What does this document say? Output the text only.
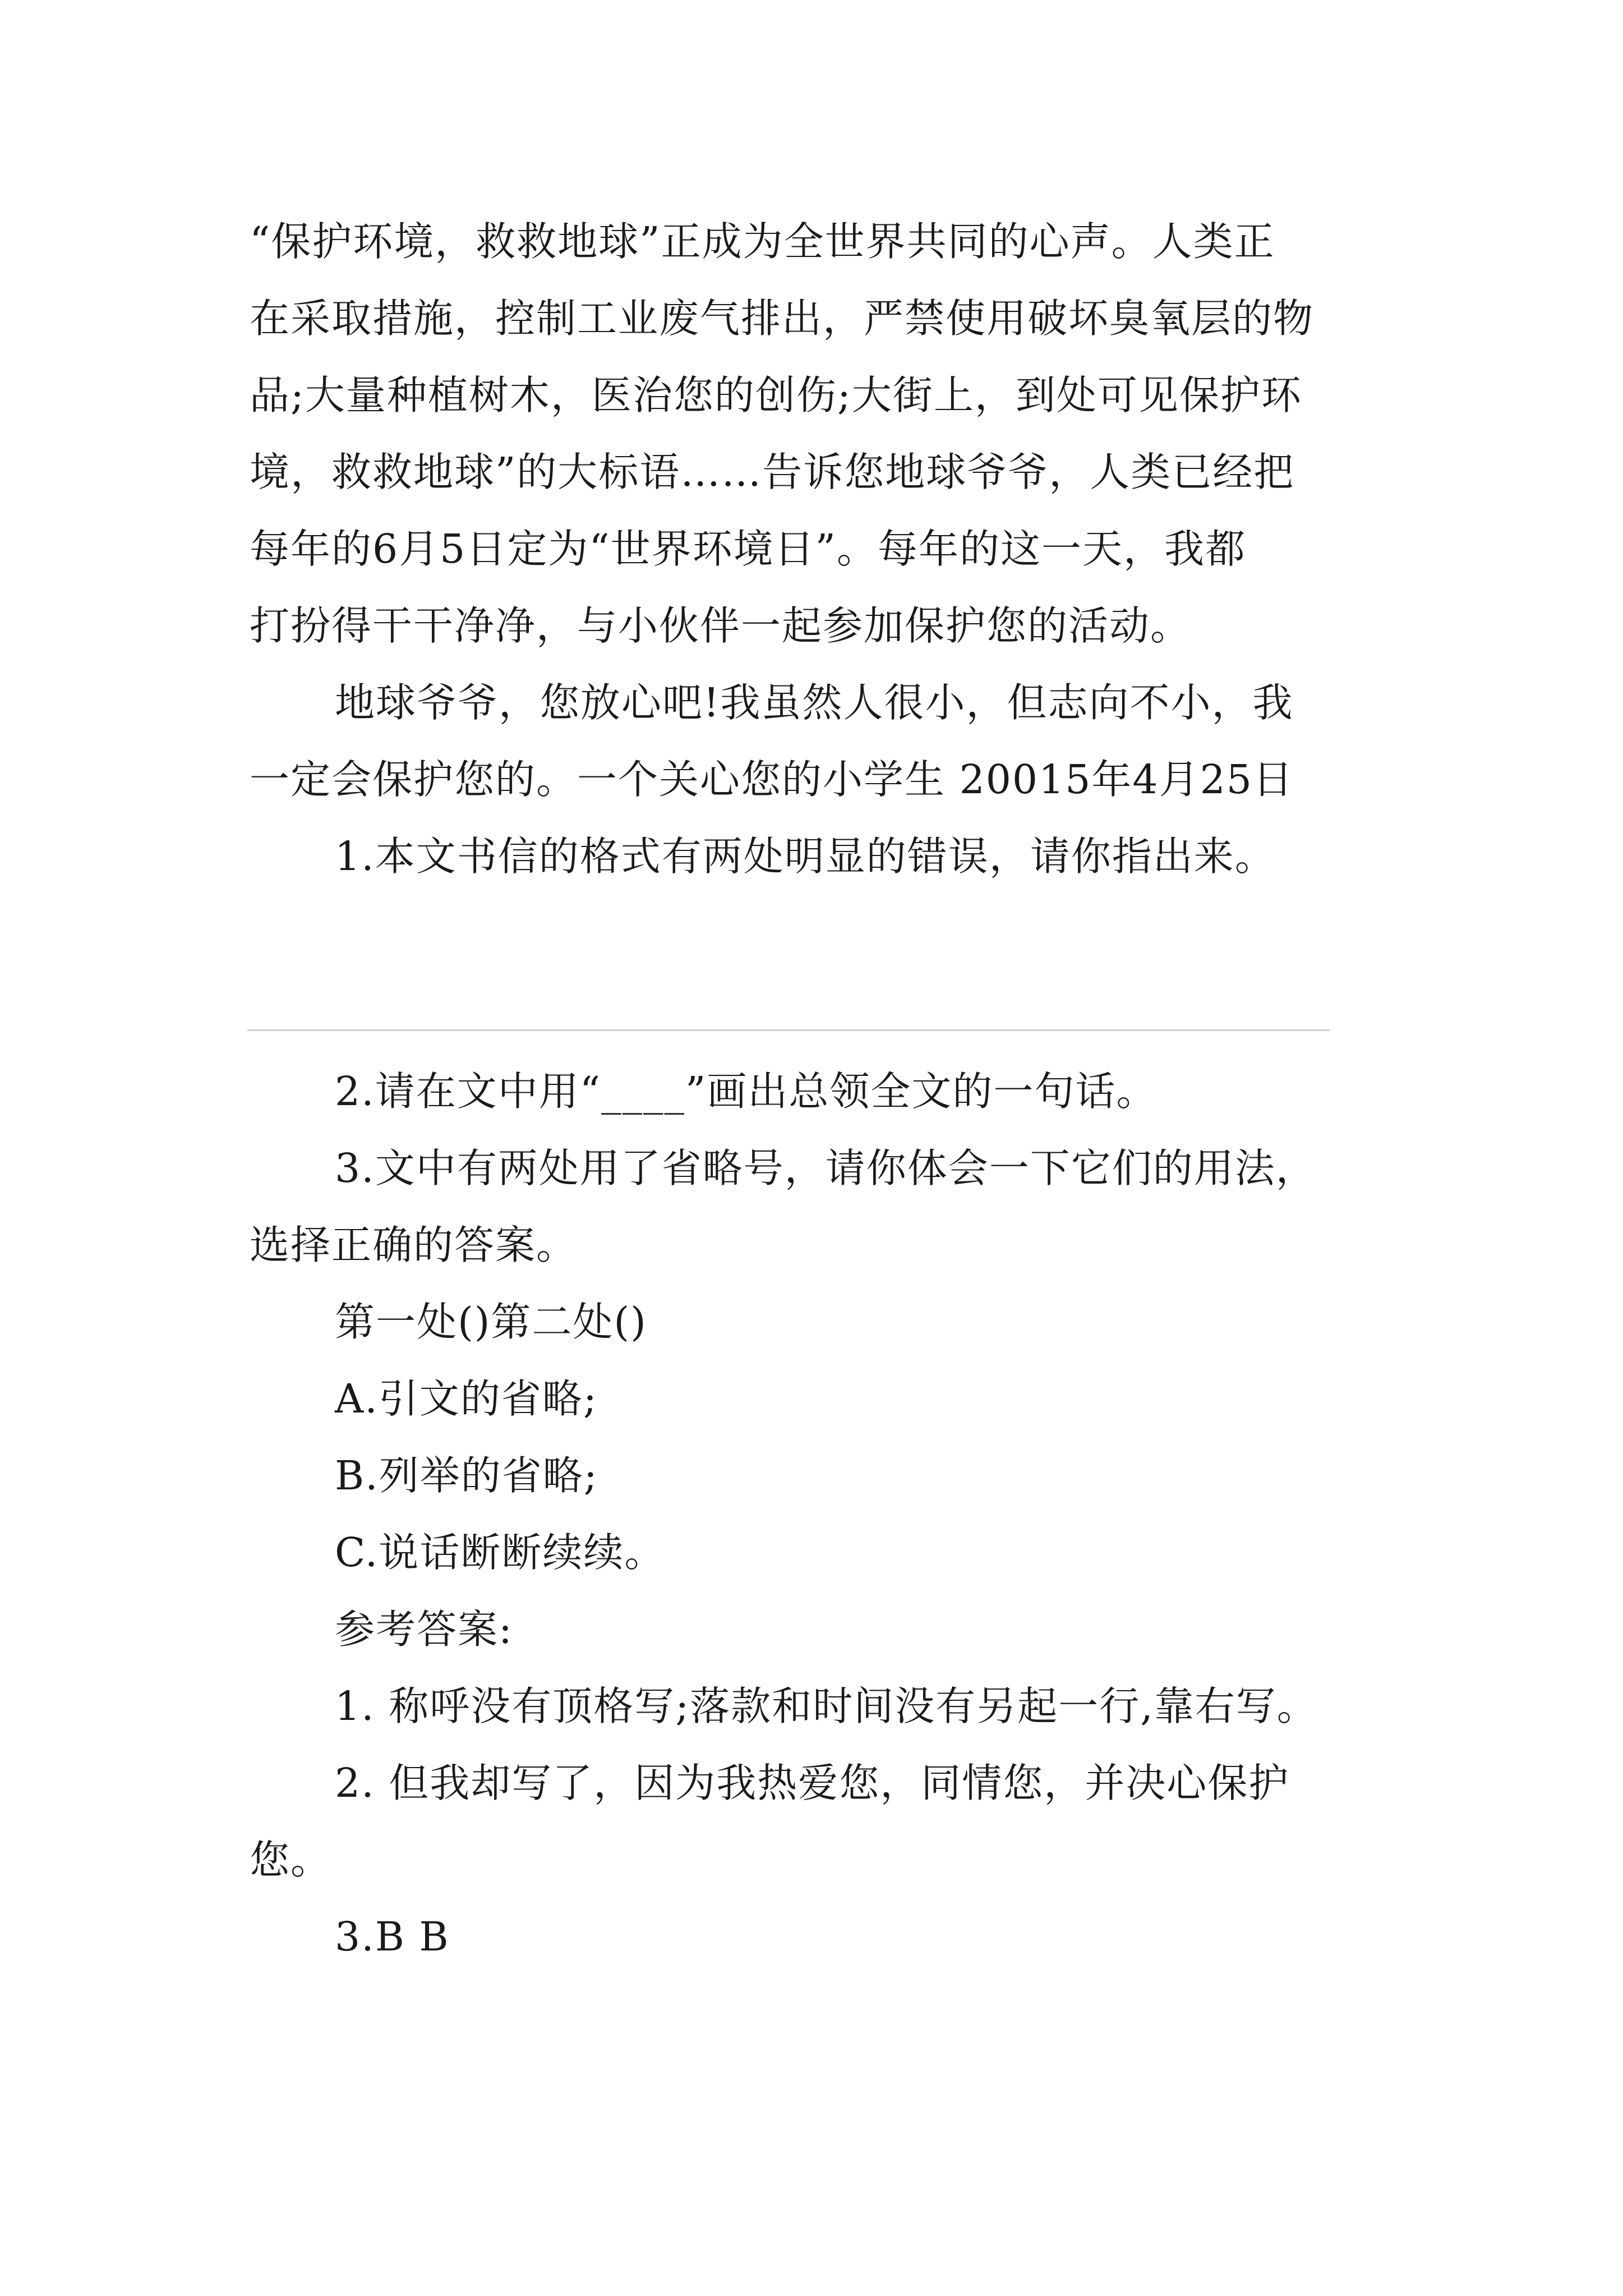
“保护环境，救救地球”正成为全世界共同的心声。人类正
在采取措施，控制工业废气排出，严禁使用破坏臭氧层的物
品;大量种植树木，医治您的创伤;大街上，到处可见保护环
境，救救地球”的大标语……告诉您地球爷爷，人类已经把
每年的6月5日定为“世界环境日”。每年的这一天，我都
打扮得干干净净，与小伙伴一起参加保护您的活动。
地球爷爷，您放心吧!我虽然人很小，但志向不小，我
一定会保护您的。一个关心您的小学生 20015年4月25日
1.本文书信的格式有两处明显的错误，请你指出来。
2.请在文中用“____”画出总领全文的一句话。
3.文中有两处用了省略号，请你体会一下它们的用法，
选择正确的答案。
第一处()第二处()
A.引文的省略;
B.列举的省略;
C.说话断断续续。
参考答案:
1. 称呼没有顶格写;落款和时间没有另起一行,靠右写。
2. 但我却写了，因为我热爱您，同情您，并决心保护
您。
3.B B
